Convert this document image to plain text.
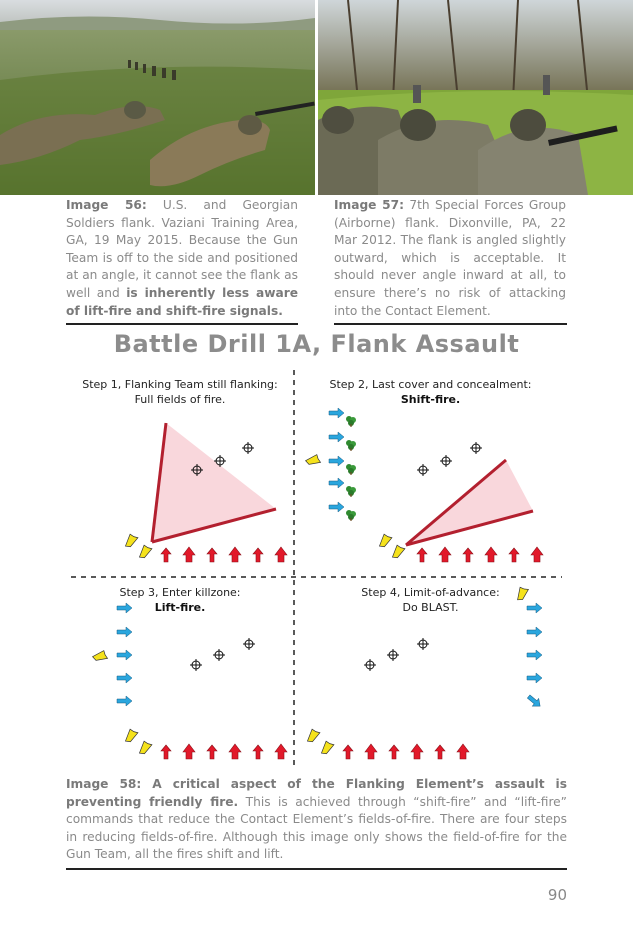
Image 56: U.S. and Georgian Soldiers flank. Vaziani Training Area, GA, 19 May 2015. Because the Gun Team is off to the side and positioned at an angle, it cannot see the flank as well and is inherently less aware of lift-fire and shift-fire signals.
Image 57: 7th Special Forces Group (Airborne) flank. Dixonville, PA, 22 Mar 2012. The flank is angled slightly outward, which is acceptable. It should never angle inward at all, to ensure there’s no risk of attacking into the Contact Element.
Battle Drill 1A, Flank Assault
Step 1, Flanking Team still flanking:
Full fields of fire.
Step 2, Last cover and concealment:
Shift-fire.
Step 3, Enter killzone:
Lift-fire.
Step 4, Limit-of-advance:
Do BLAST.
Image 58: A critical aspect of the Flanking Element’s assault is preventing friendly fire. This is achieved through “shift-fire” and “lift-fire” commands that reduce the Contact Element’s fields-of-fire. There are four steps in reducing fields-of-fire. Although this image only shows the field-of-fire for the Gun Team, all the fires shift and lift.
90
